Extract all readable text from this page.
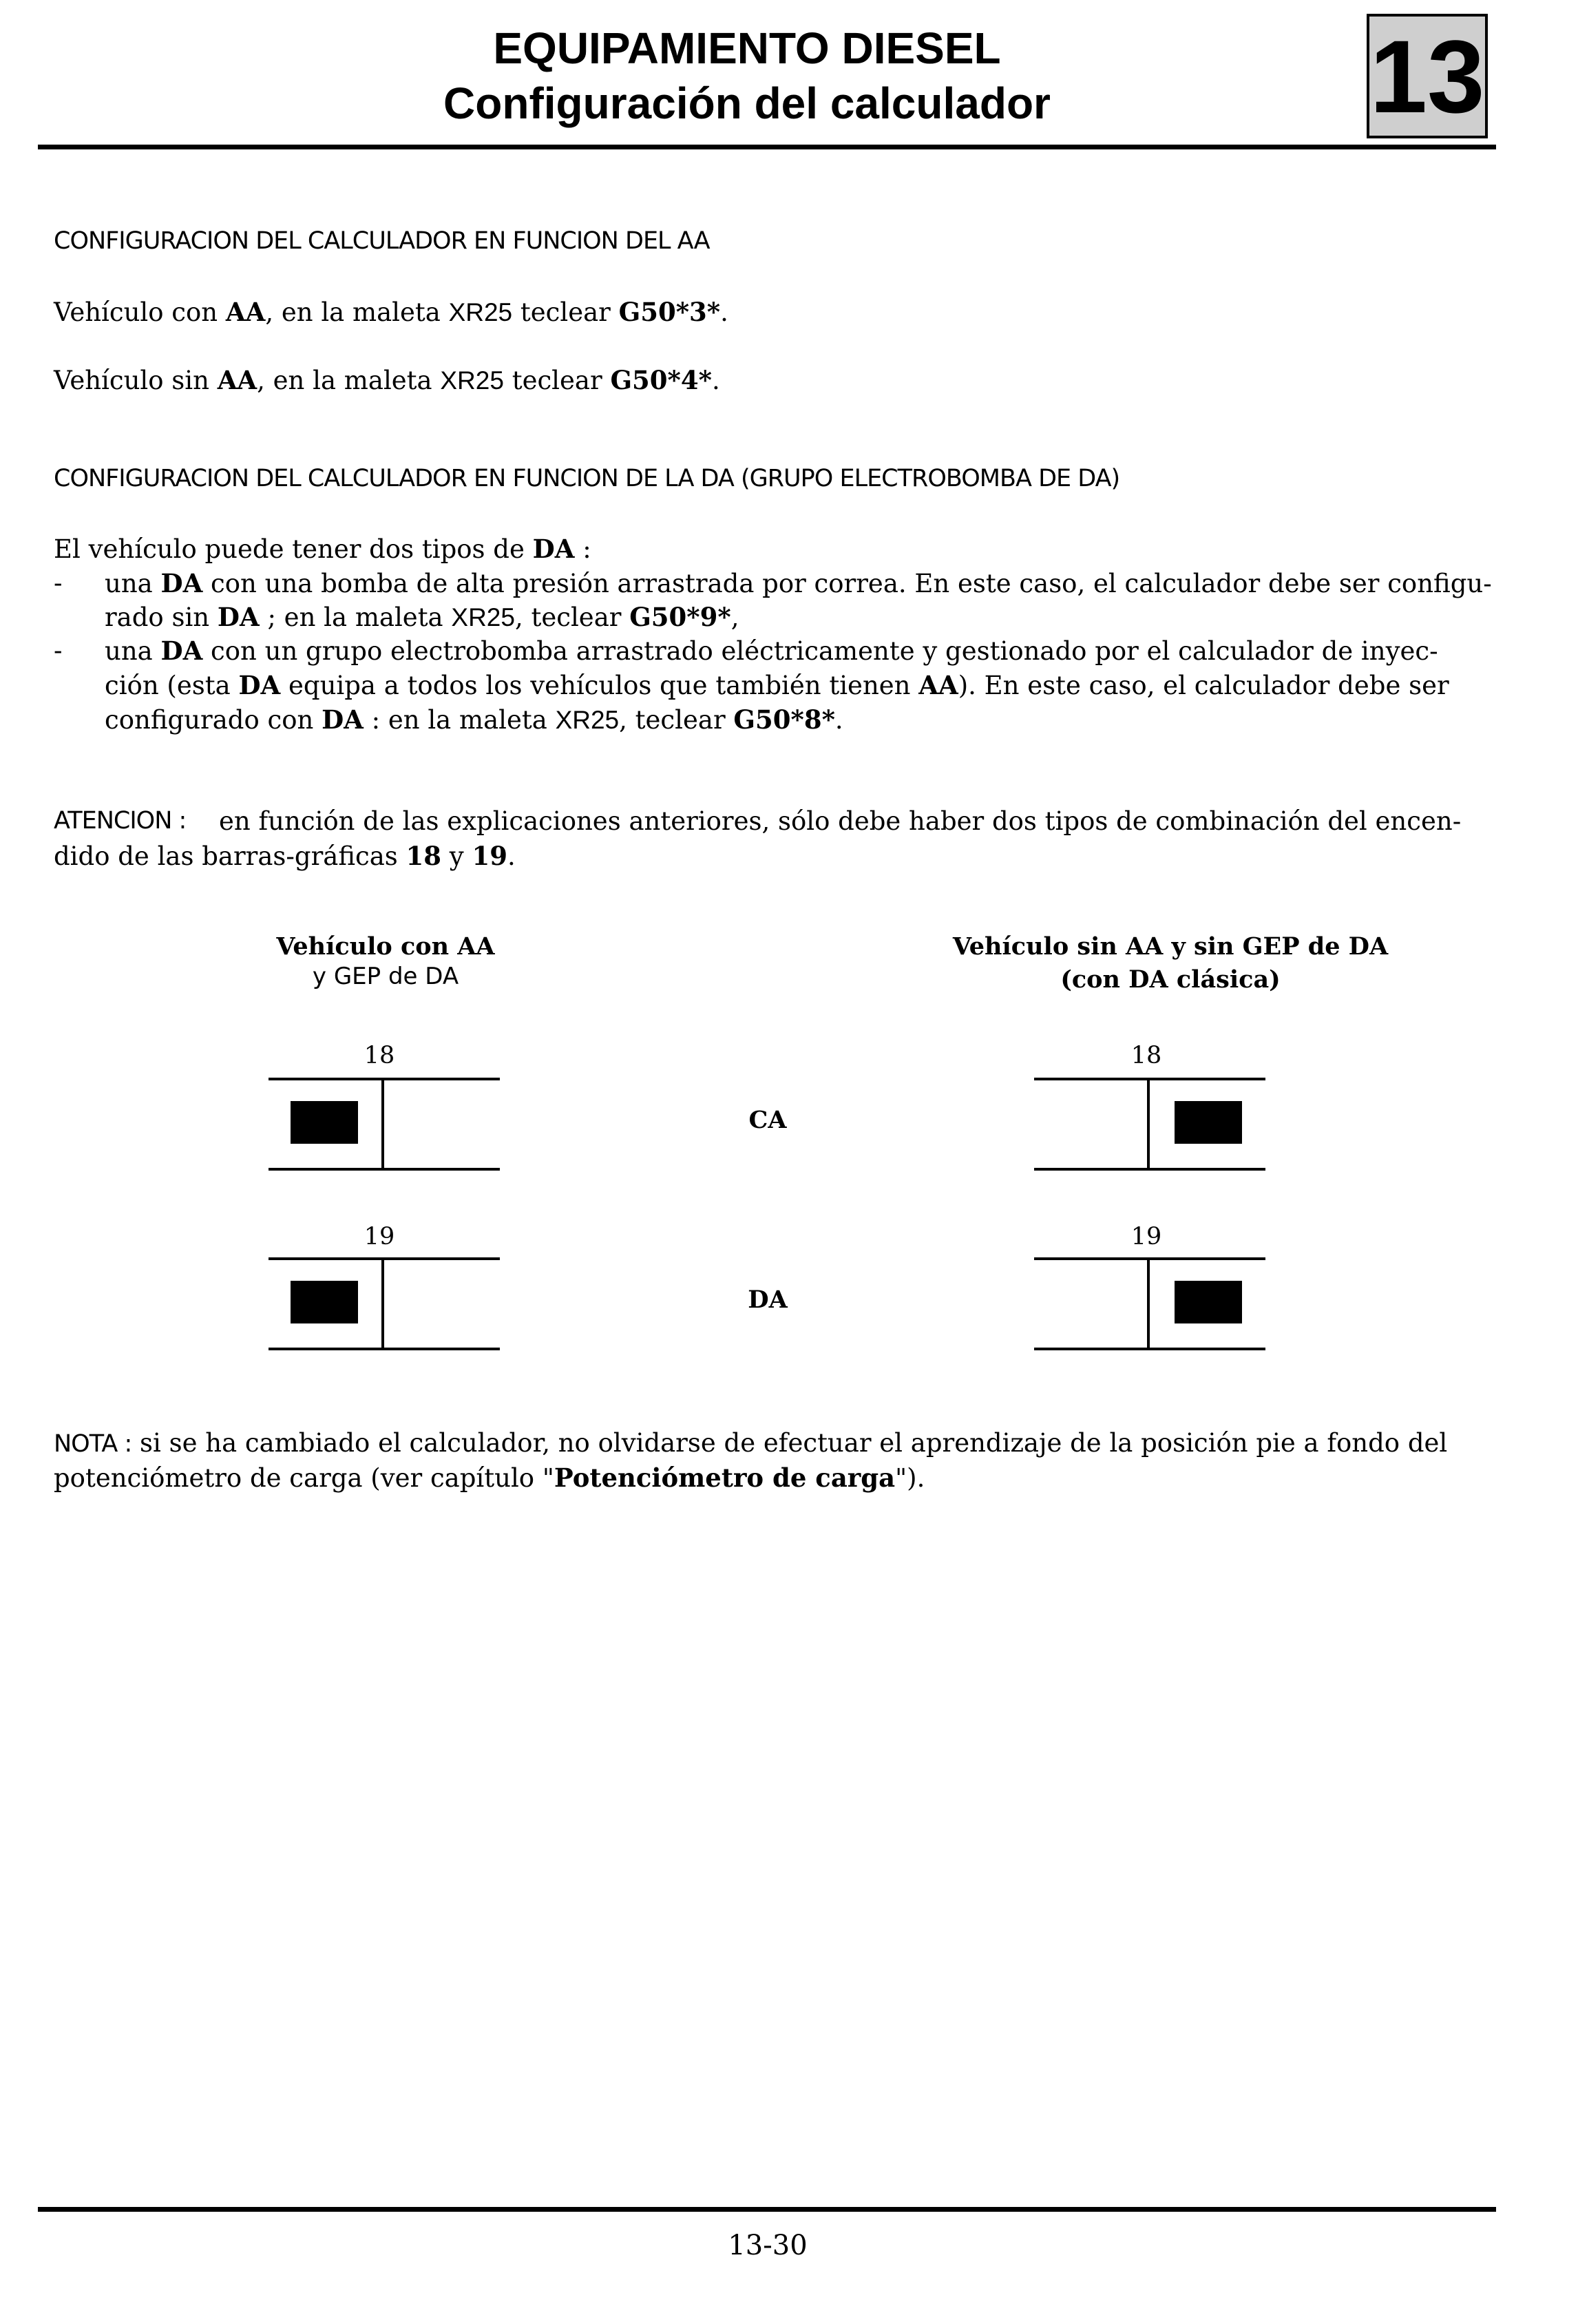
EQUIPAMIENTO DIESEL
Configuración del calculador	13
CONFIGURACION DEL CALCULADOR EN FUNCION DEL AA
Vehículo con AA, en la maleta XR25 teclear G50*3*.
Vehículo sin AA, en la maleta XR25 teclear G50*4*.
CONFIGURACION DEL CALCULADOR EN FUNCION DE LA DA (GRUPO ELECTROBOMBA DE DA)
El vehículo puede tener dos tipos de DA :
- una DA con una bomba de alta presión arrastrada por correa. En este caso, el calculador debe ser configu-
rado sin DA ; en la maleta XR25, teclear G50*9*,
- una DA con un grupo electrobomba arrastrado eléctricamente y gestionado por el calculador de inyec-
ción (esta DA equipa a todos los vehículos que también tienen AA). En este caso, el calculador debe ser
configurado con DA : en la maleta XR25, teclear G50*8*.
ATENCION : en función de las explicaciones anteriores, sólo debe haber dos tipos de combinación del encen-
dido de las barras-gráficas 18 y 19.
Vehículo con AA
y GEP de DA
Vehículo sin AA y sin GEP de DA
(con DA clásica)
18
CA
18
19
DA
19
NOTA : si se ha cambiado el calculador, no olvidarse de efectuar el aprendizaje de la posición pie a fondo del
potenciómetro de carga (ver capítulo "Potenciómetro de carga").
13-30
